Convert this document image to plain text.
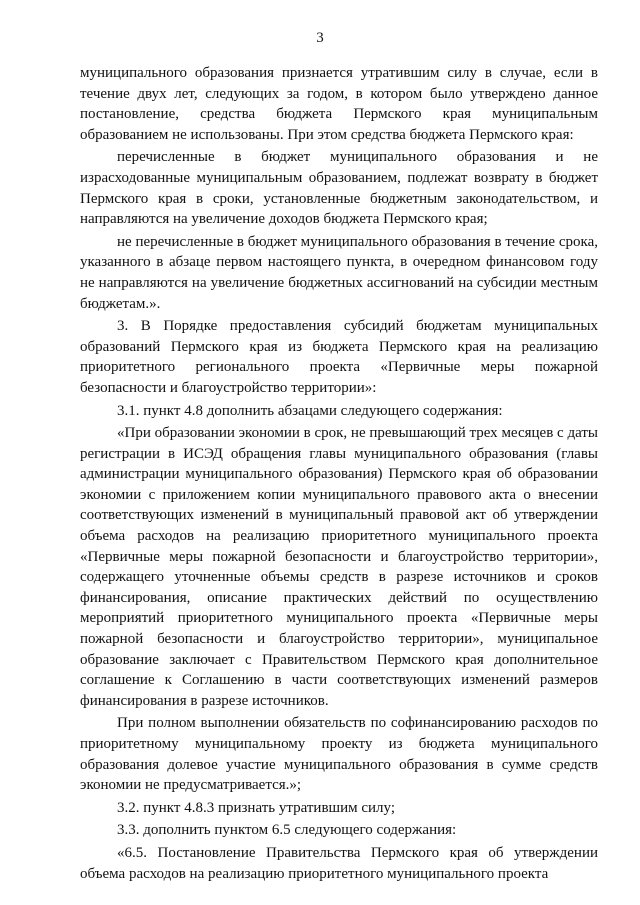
3

муниципального образования признается утратившим силу в случае, если в течение двух лет, следующих за годом, в котором было утверждено данное постановление, средства бюджета Пермского края муниципальным образованием не использованы. При этом средства бюджета Пермского края:

перечисленные в бюджет муниципального образования и не израсходованные муниципальным образованием, подлежат возврату в бюджет Пермского края в сроки, установленные бюджетным законодательством, и направляются на увеличение доходов бюджета Пермского края;

не перечисленные в бюджет муниципального образования в течение срока, указанного в абзаце первом настоящего пункта, в очередном финансовом году не направляются на увеличение бюджетных ассигнований на субсидии местным бюджетам.».

3. В Порядке предоставления субсидий бюджетам муниципальных образований Пермского края из бюджета Пермского края на реализацию приоритетного регионального проекта «Первичные меры пожарной безопасности и благоустройство территории»:

3.1. пункт 4.8 дополнить абзацами следующего содержания:

«При образовании экономии в срок, не превышающий трех месяцев с даты регистрации в ИСЭД обращения главы муниципального образования (главы администрации муниципального образования) Пермского края об образовании экономии с приложением копии муниципального правового акта о внесении соответствующих изменений в муниципальный правовой акт об утверждении объема расходов на реализацию приоритетного муниципального проекта «Первичные меры пожарной безопасности и благоустройство территории», содержащего уточненные объемы средств в разрезе источников и сроков финансирования, описание практических действий по осуществлению мероприятий приоритетного муниципального проекта «Первичные меры пожарной безопасности и благоустройство территории», муниципальное образование заключает с Правительством Пермского края дополнительное соглашение к Соглашению в части соответствующих изменений размеров финансирования в разрезе источников.

При полном выполнении обязательств по софинансированию расходов по приоритетному муниципальному проекту из бюджета муниципального образования долевое участие муниципального образования в сумме средств экономии не предусматривается.»;

3.2. пункт 4.8.3 признать утратившим силу;

3.3. дополнить пунктом 6.5 следующего содержания:

«6.5. Постановление Правительства Пермского края об утверждении объема расходов на реализацию приоритетного муниципального проекта
